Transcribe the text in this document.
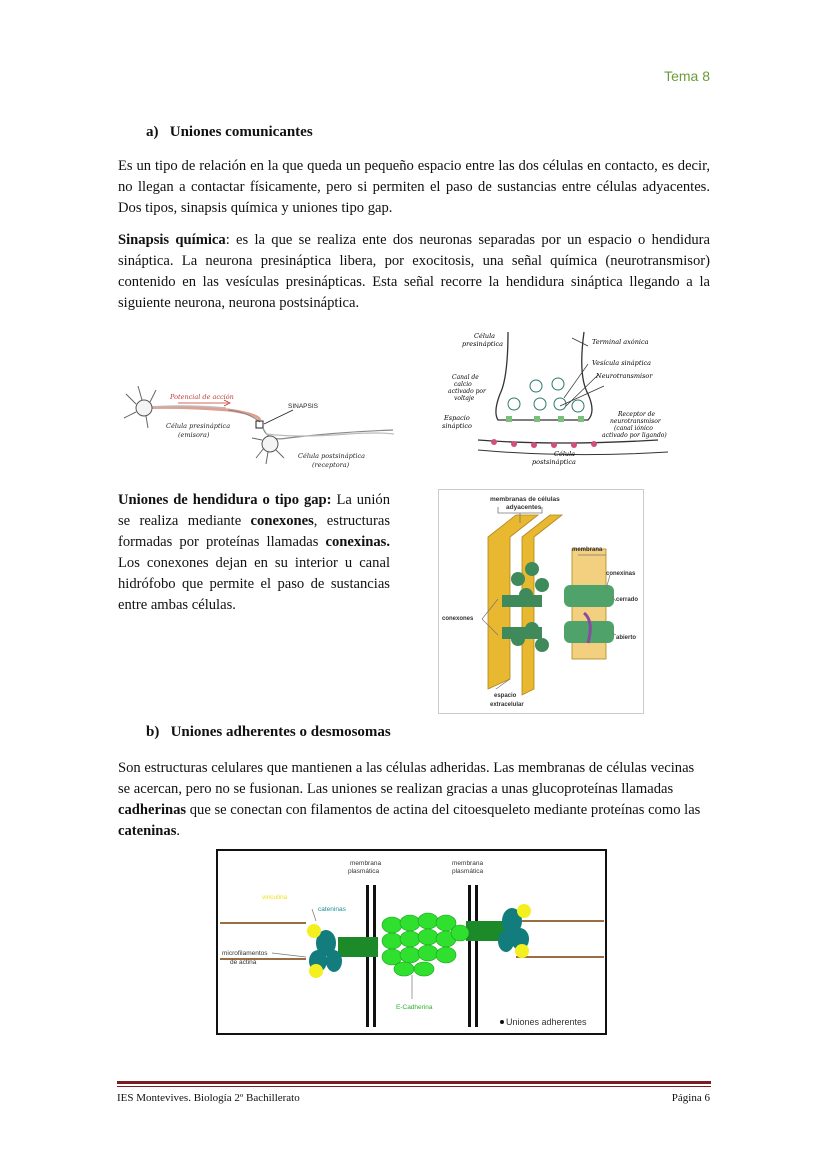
Tema 8
a)   Uniones comunicantes
Es un tipo de relación en la que queda un pequeño espacio entre las dos células en contacto, es decir, no llegan a contactar físicamente, pero si permiten el paso de sustancias entre células adyacentes. Dos tipos, sinapsis química y uniones tipo gap.
Sinapsis química: es la que se realiza ente dos neuronas separadas por un espacio o hendidura sináptica. La neurona presináptica libera, por exocitosis, una señal química (neurotransmisor) contenido en las vesículas presinápticas. Esta señal recorre la hendidura sináptica llegando a la siguiente neurona, neurona postsináptica.
Potencial de acción
SINAPSIS
Célula presináptica
(emisora)
Célula postsináptica
(receptora)
Célula
presináptica	Terminal axónica
Vesícula sináptica
Neurotransmisor
Canal de
calcio
activado por
voltaje
Espacio
sináptico
Receptor de
neurotransmisor
(canal iónico
activado por ligando)
Célula
postsináptica
Uniones de hendidura o tipo gap: La unión se realiza mediante conexones, estructuras formadas por proteínas llamadas conexinas. Los conexones dejan en su interior u canal hidrófobo que permite el paso de sustancias entre ambas células.
membranas de células
adyacentes
membrana
conexinas
cerrado
abierto
conexones
espacio
extracelular
b)   Uniones adherentes o desmosomas
Son estructuras celulares que mantienen a las células adheridas. Las membranas de células vecinas se acercan, pero no se fusionan. Las uniones se realizan gracias a unas glucoproteínas llamadas cadherinas que se conectan con filamentos de actina del citoesqueleto mediante proteínas como las cateninas.
membrana
plasmática
membrana
plasmática
vinculina
cateninas
microfilamentos
de actina
E-Cadherina
Uniones adherentes
IES Montevives. Biología 2º Bachillerato	Página 6
